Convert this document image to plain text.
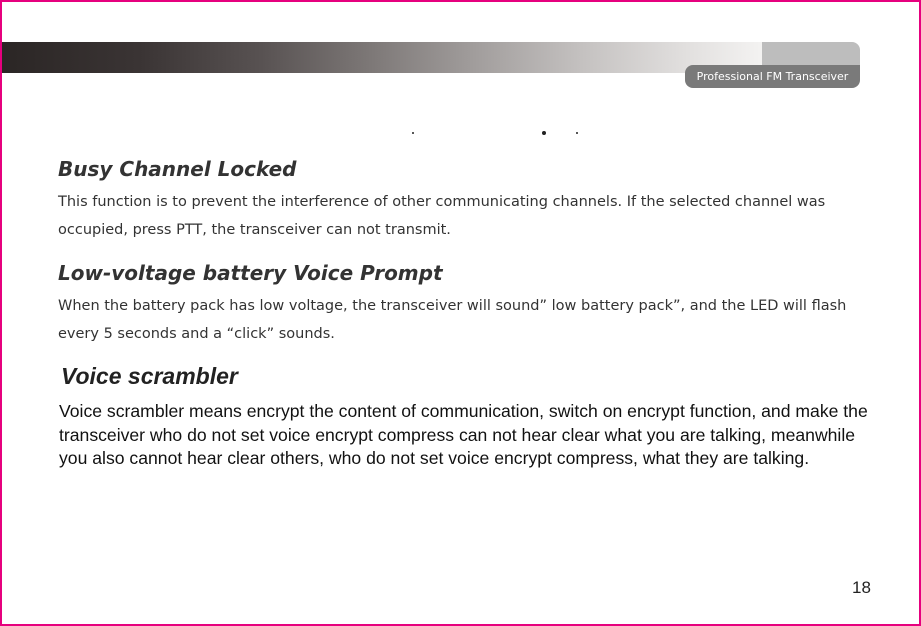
Professional FM Transceiver
Busy Channel Locked
This function is to prevent the interference of other communicating channels. If the selected channel was occupied, press PTT, the transceiver can not transmit.
Low-voltage battery Voice Prompt
When the battery pack has low voltage, the transceiver will sound” low battery pack”, and the LED will flash every 5 seconds and a “click” sounds.
Voice scrambler
Voice scrambler means encrypt the content of communication, switch on encrypt function, and make the transceiver who do not set voice encrypt compress can not hear clear what you are talking, meanwhile you also cannot hear clear others, who do not set voice encrypt compress, what they are talking.
18
